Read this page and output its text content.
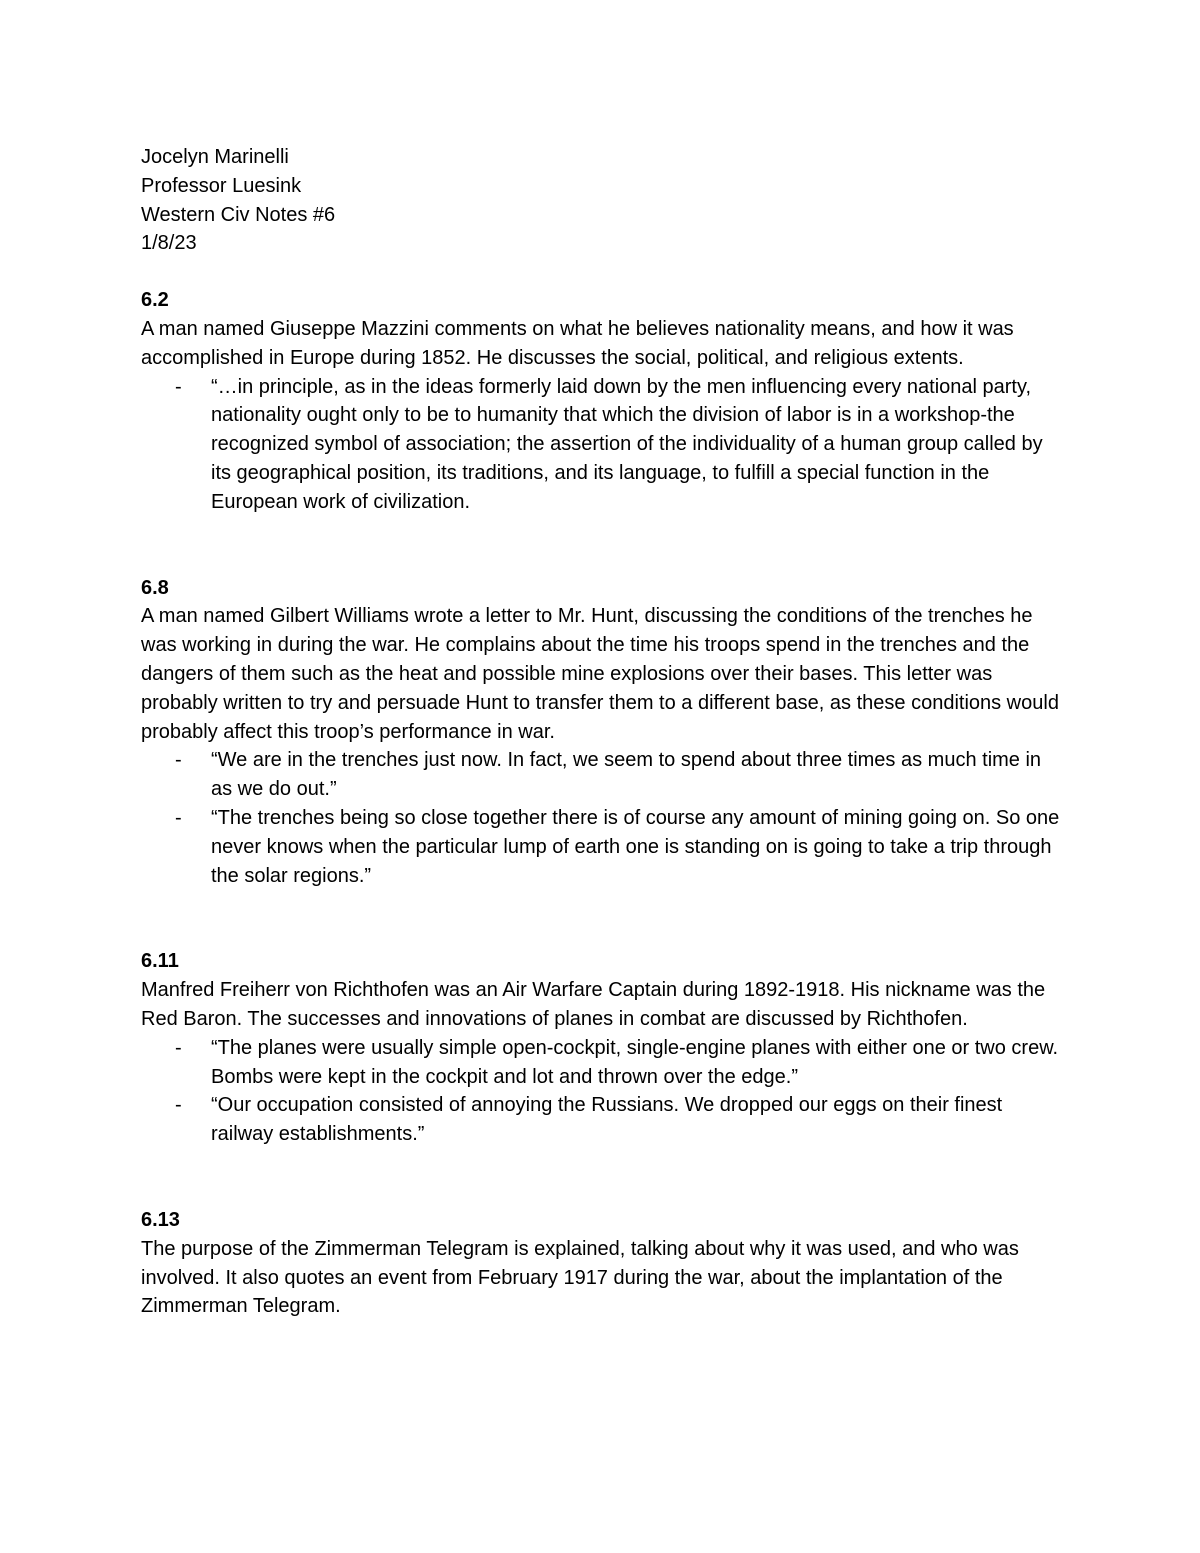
Jocelyn Marinelli
Professor Luesink
Western Civ Notes #6
1/8/23
6.2

A man named Giuseppe Mazzini comments on what he believes nationality means, and how it was accomplished in Europe during 1852. He discusses the social, political, and religious extents.

- “…in principle, as in the ideas formerly laid down by the men influencing every national party, nationality ought only to be to humanity that which the division of labor is in a workshop-the recognized symbol of association; the assertion of the individuality of a human group called by its geographical position, its traditions, and its language, to fulfill a special function in the European work of civilization.
6.8

A man named Gilbert Williams wrote a letter to Mr. Hunt, discussing the conditions of the trenches he was working in during the war. He complains about the time his troops spend in the trenches and the dangers of them such as the heat and possible mine explosions over their bases. This letter was probably written to try and persuade Hunt to transfer them to a different base, as these conditions would probably affect this troop’s performance in war.

- “We are in the trenches just now. In fact, we seem to spend about three times as much time in as we do out.”
- “The trenches being so close together there is of course any amount of mining going on. So one never knows when the particular lump of earth one is standing on is going to take a trip through the solar regions.”
6.11

Manfred Freiherr von Richthofen was an Air Warfare Captain during 1892-1918. His nickname was the Red Baron. The successes and innovations of planes in combat are discussed by Richthofen.

- “The planes were usually simple open-cockpit, single-engine planes with either one or two crew. Bombs were kept in the cockpit and lot and thrown over the edge.”
- “Our occupation consisted of annoying the Russians. We dropped our eggs on their finest railway establishments.”
6.13

The purpose of the Zimmerman Telegram is explained, talking about why it was used, and who was involved. It also quotes an event from February 1917 during the war, about the implantation of the Zimmerman Telegram.
